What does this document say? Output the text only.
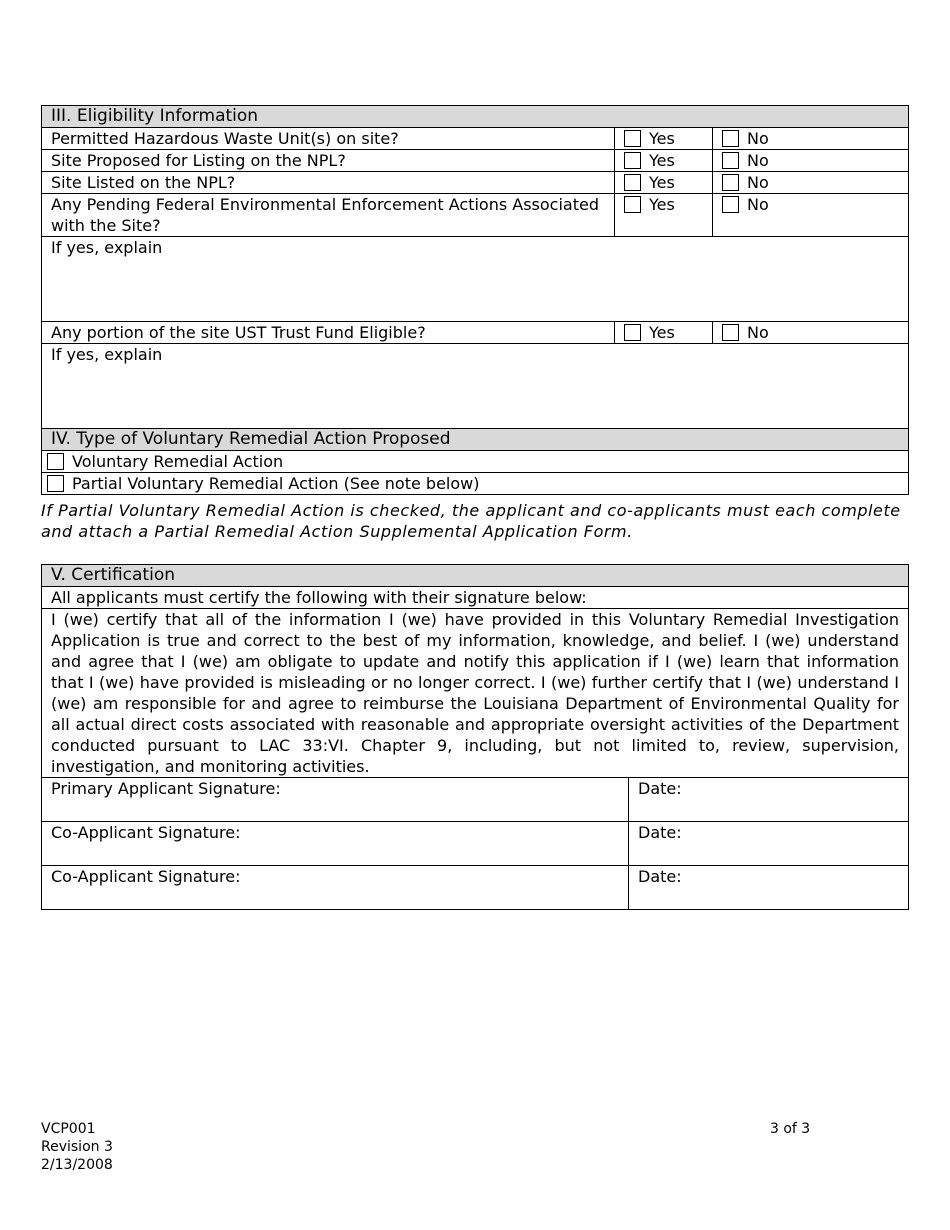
III. Eligibility Information		
Permitted Hazardous Waste Unit(s) on site?	Yes	No
Site Proposed for Listing on the NPL?	Yes	No
Site Listed on the NPL?	Yes	No
Any Pending Federal Environmental Enforcement Actions Associated with the Site?	Yes	No
If yes, explain		
Any portion of the site UST Trust Fund Eligible?	Yes	No
If yes, explain		
IV. Type of Voluntary Remedial Action Proposed		
Voluntary Remedial Action		
Partial Voluntary Remedial Action (See note below)		
If Partial Voluntary Remedial Action is checked, the applicant and co-applicants must each complete and attach a Partial Remedial Action Supplemental Application Form.
V. Certification	
All applicants must certify the following with their signature below:	
I (we) certify that all of the information I (we) have provided in this Voluntary Remedial Investigation Application is true and correct to the best of my information, knowledge, and belief. I (we) understand and agree that I (we) am obligate to update and notify this application if I (we) learn that information that I (we) have provided is misleading or no longer correct. I (we) further certify that I (we) understand I (we) am responsible for and agree to reimburse the Louisiana Department of Environmental Quality for all actual direct costs associated with reasonable and appropriate oversight activities of the Department conducted pursuant to LAC 33:VI. Chapter 9, including, but not limited to, review, supervision, investigation, and monitoring activities.	
Primary Applicant Signature:	Date:
Co-Applicant Signature:	Date:
Co-Applicant Signature:	Date:
VCP001
Revision 3
2/13/2008
3 of 3
